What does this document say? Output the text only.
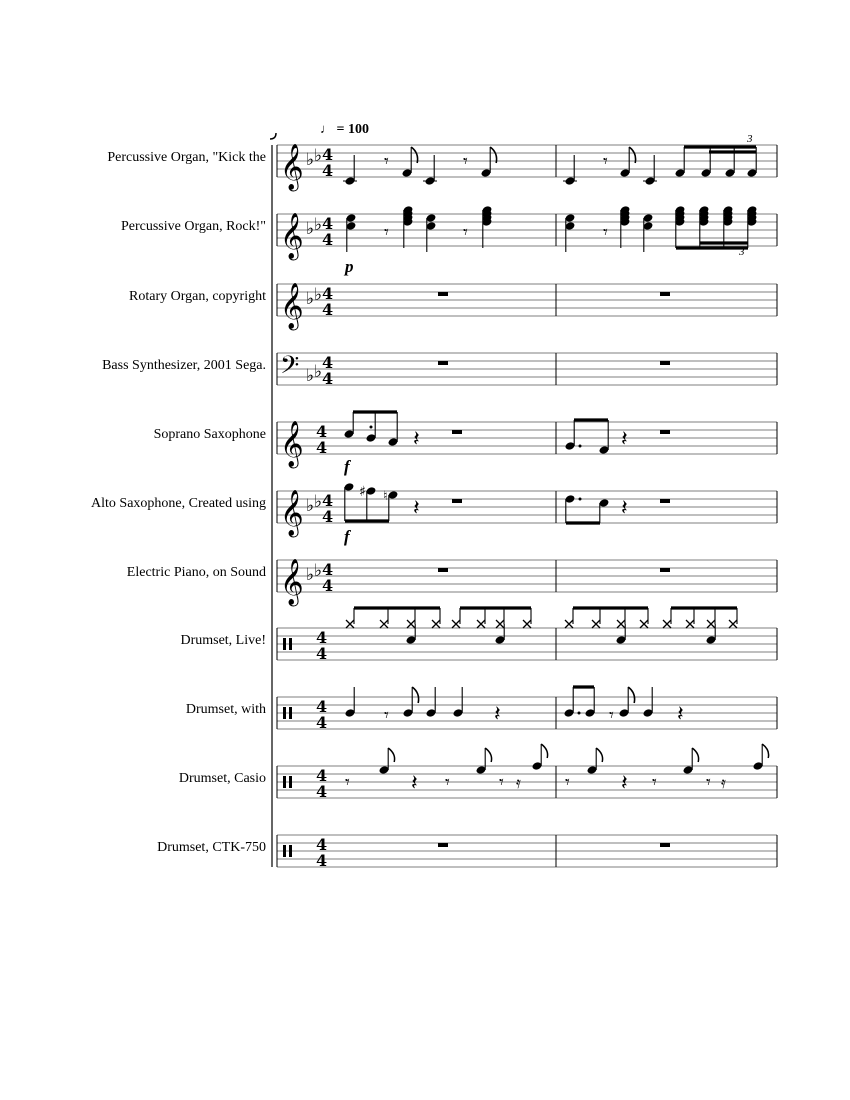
Percussive Organ, "Kick the
Percussive Organ, Rock!"
Rotary Organ, copyright
Bass Synthesizer, 2001 Sega.
Soprano Saxophone
Alto Saxophone, Created using
Electric Piano, on Sound
Drumset, Live!
Drumset, with
Drumset, Casio
Drumset, CTK-750
♩ = 100
p
f
f
3
3
𝄞 ♭ ♭ 4
4
𝄞 ♭ ♭ 4
4
𝄞 ♭ ♭ 4
4
𝄢 ♭ ♭ 4
4
𝄞 4
4
𝄞 ♭ ♭ 4
4
𝄞 ♭ ♭ 4
4
4
4
4
4
4
4
4
4
𝄾	𝄾	𝄾
𝄾	𝄾	𝄾
𝄽	𝄽
♯ ♮ 𝄽	𝄽
𝄾	𝄽	𝄾	𝄽
𝄾	𝄽 𝄾	𝄾 𝄿 𝄾 𝄽 𝄾	𝄾 𝄿
